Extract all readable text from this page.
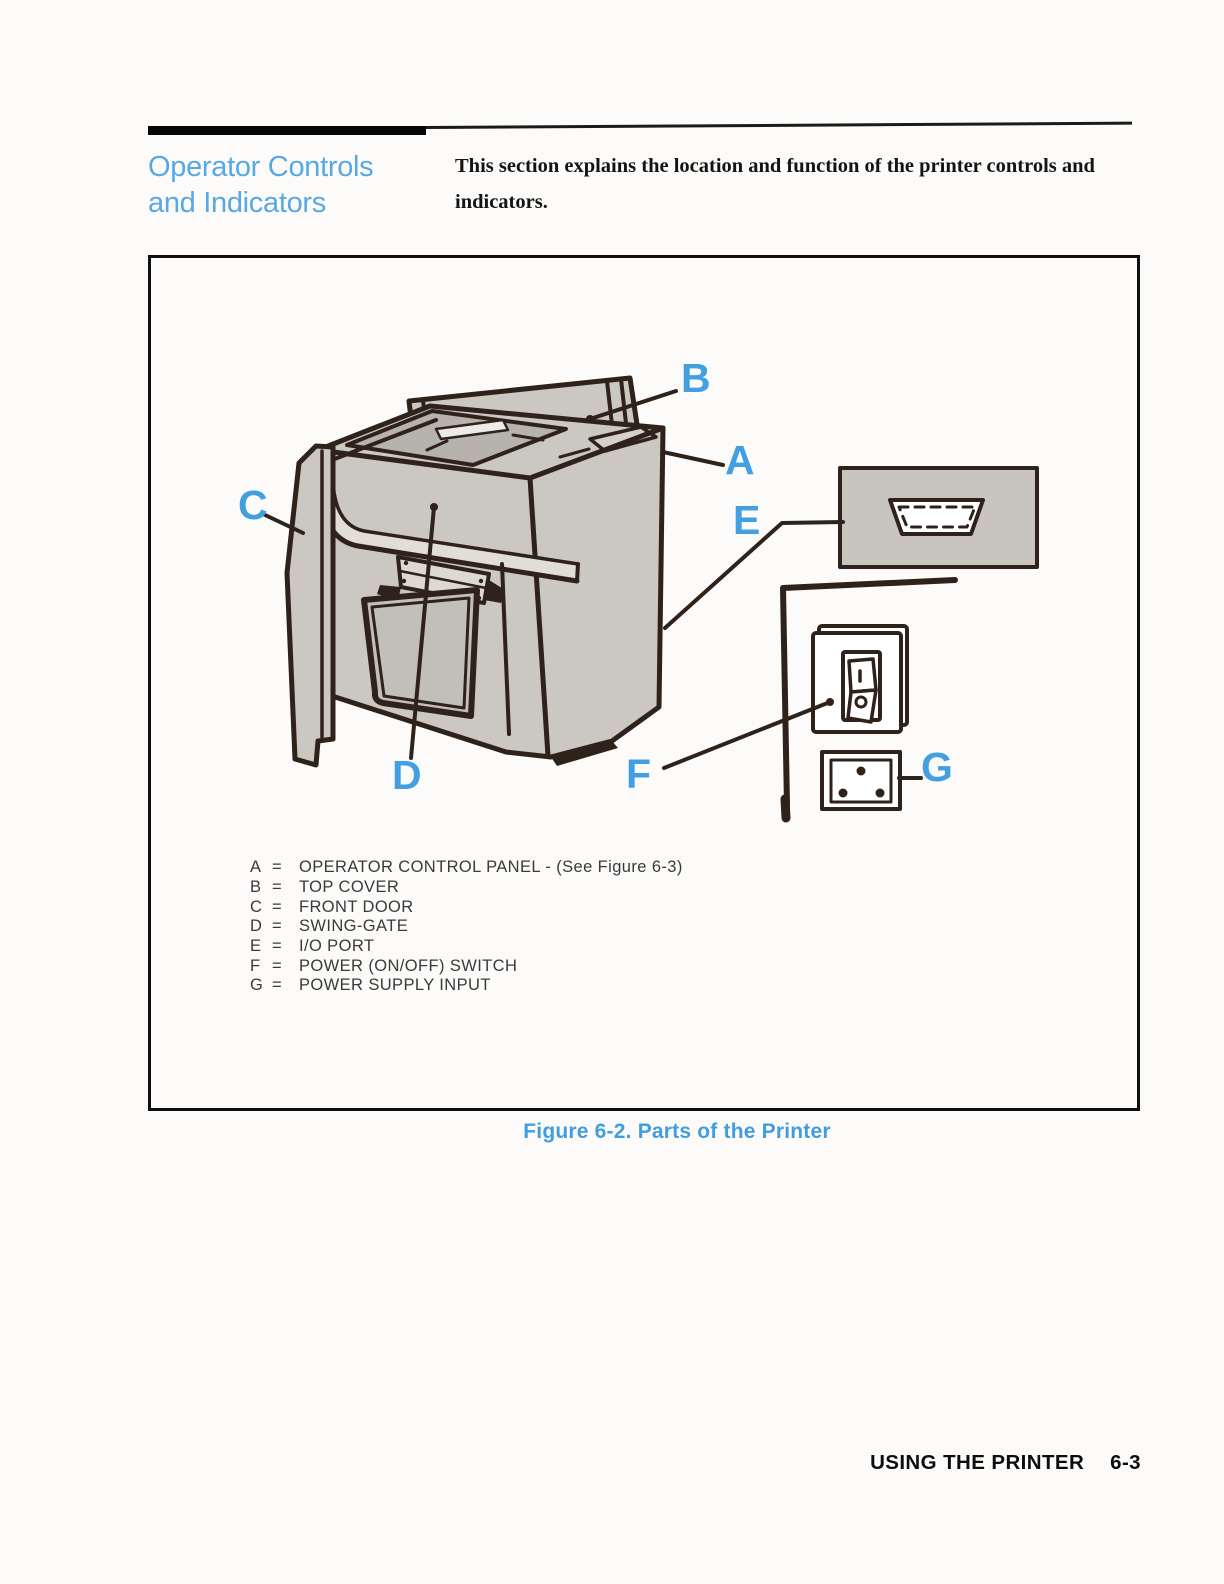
Operator Controls
and Indicators
This section explains the location and function of the printer controls and indicators.
B
A
C	E
D	F	G
A =	OPERATOR CONTROL PANEL - (See Figure 6-3)
B =	TOP COVER
C =	FRONT DOOR
D =	SWING-GATE
E =	I/O PORT
F =	POWER (ON/OFF) SWITCH
G =	POWER SUPPLY INPUT
Figure 6-2. Parts of the Printer
USING THE PRINTER 6-3
